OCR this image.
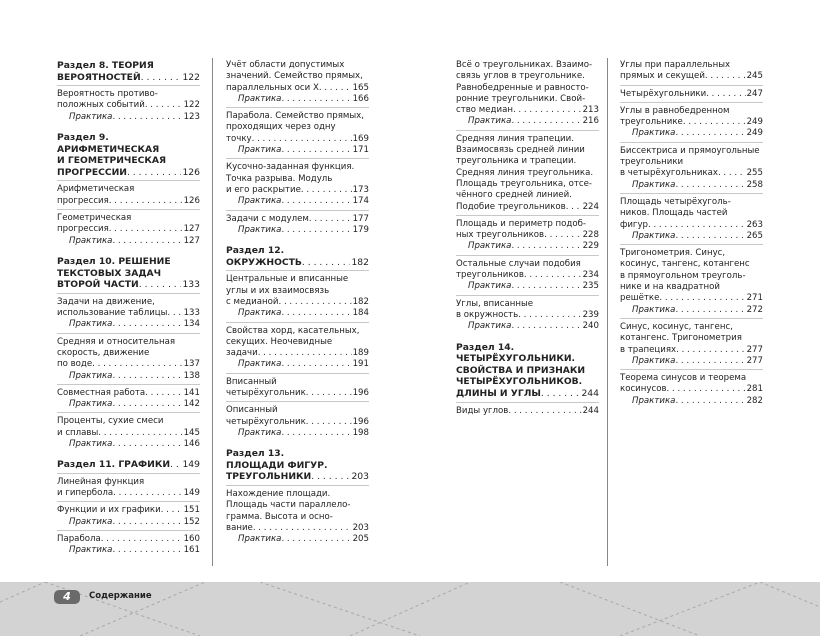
Раздел 8. ТЕОРИЯ
ВЕРОЯТНОСТЕЙ . . .	122
Вероятность противо-
положных событий . . .	122
Практика . . .	123
Раздел 9.
АРИФМЕТИЧЕСКАЯ
И ГЕОМЕТРИЧЕСКАЯ
ПРОГРЕССИИ . . .	126
Арифметическая
прогрессия . . .	126
Геометрическая
прогрессия . . .	127
Практика . . .	127
Раздел 10. РЕШЕНИЕ
ТЕКСТОВЫХ ЗАДАЧ
ВТОРОЙ ЧАСТИ . . .	133
Задачи на движение,
использование таблицы . . . 133
Практика . . .	134
Средняя и относительная
скорость, движение
по воде . . .	137
Практика . . .	138
Совместная работа . . .	141
Практика . . .	142
Проценты, сухие смеси
и сплавы . . .	145
Практика . . .	146
Раздел 11. ГРАФИКИ . . . 149
Линейная функция
и гипербола . . .	149
Функции и их графики . . .	151
Практика . . .	152
Парабола . . .	160
Практика . . .	161
Учёт области допустимых
значений. Семейство прямых,
параллельных оси X . . .	165
Практика . . .	166
Парабола. Семейство прямых,
проходящих через одну
точку . . .	169
Практика . . .	171
Кусочно-заданная функция.
Точка разрыва. Модуль
и его раскрытие . . .	173
Практика . . .	174
Задачи с модулем . . .	177
Практика . . .	179
Раздел 12.
ОКРУЖНОСТЬ . . .	182
Центральные и вписанные
углы и их взаимосвязь
с медианой . . .	182
Практика . . .	184
Свойства хорд, касательных,
секущих. Неочевидные
задачи . . .	189
Практика . . .	191
Вписанный
четырёхугольник . . .	196
Описанный
четырёхугольник . . .	196
Практика . . .	198
Раздел 13.
ПЛОЩАДИ ФИГУР.
ТРЕУГОЛЬНИКИ . . .	203
Нахождение площади.
Площадь части параллело-
грамма. Высота и осно-
вание . . .	203
Практика . . .	205
Всё о треугольниках. Взаимо-
связь углов в треугольнике.
Равнобедренные и равносто-
ронние треугольники. Свой-
ство медиан . . .	213
Практика . . .	216
Средняя линия трапеции.
Взаимосвязь средней линии
треугольника и трапеции.
Средняя линия треугольника.
Площадь треугольника, отсе-
чённого средней линией.
Подобие треугольников . . . 224
Площадь и периметр подоб-
ных треугольников . . .	228
Практика . . .	229
Остальные случаи подобия
треугольников . . .	234
Практика . . .	235
Углы, вписанные
в окружность . . .	239
Практика . . .	240
Раздел 14.
ЧЕТЫРЁХУГОЛЬНИКИ.
СВОЙСТВА И ПРИЗНАКИ
ЧЕТЫРЁХУГОЛЬНИКОВ.
ДЛИНЫ И УГЛЫ . . .	244
Виды углов . . .	244
Углы при параллельных
прямых и секущей . . .	245
Четырёхугольники . . .	247
Углы в равнобедренном
треугольнике . . .	249
Практика . . .	249
Биссектриса и прямоугольные
треугольники
в четырёхугольниках . . .	255
Практика . . .	258
Площадь четырёхуголь-
ников. Площадь частей
фигур . . .	263
Практика . . .	265
Тригонометрия. Синус,
косинус, тангенс, котангенс
в прямоугольном треуголь-
нике и на квадратной
решётке . . .	271
Практика . . .	272
Синус, косинус, тангенс,
котангенс. Тригонометрия
в трапециях . . .	277
Практика . . .	277
Теорема синусов и теорема
косинусов . . .	281
Практика . . .	282
4	Содержание
